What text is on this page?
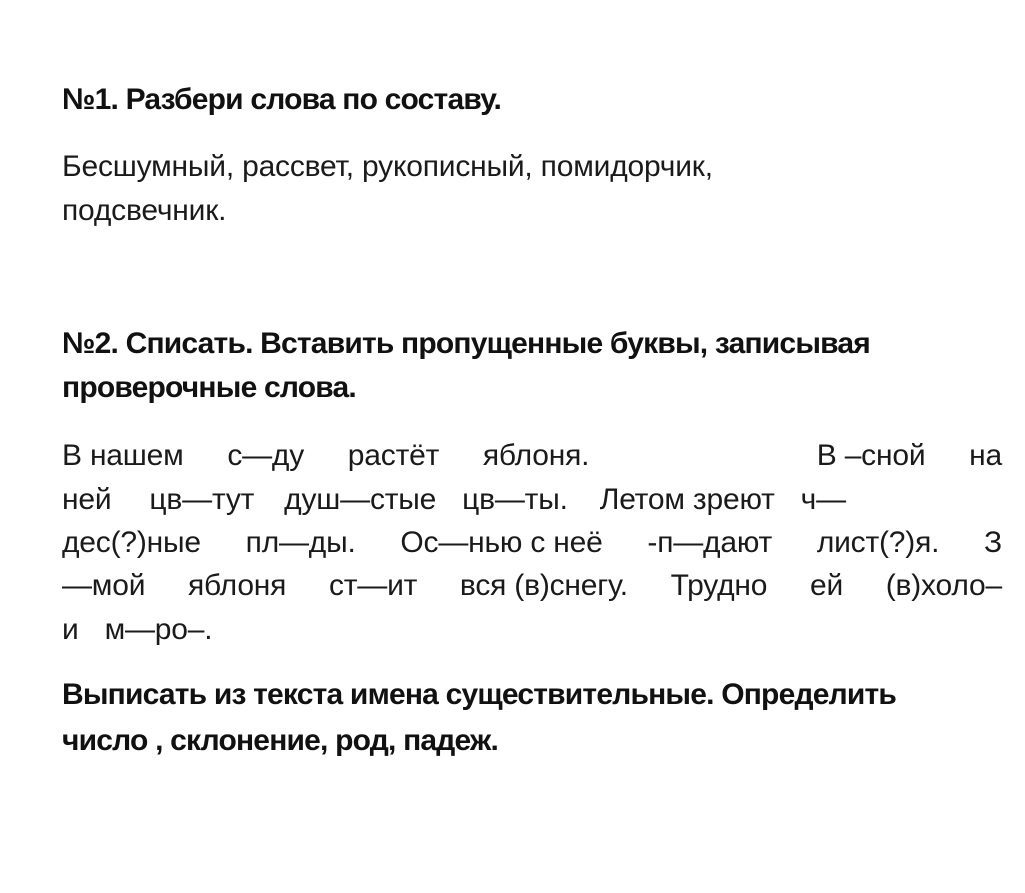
№1. Разбери слова по составу.

Бесшумный, рассвет, рукописный, помидорчик,

подсвечник.

№2. Списать. Вставить пропущенные буквы, записывая
проверочные слова.
В нашем с—ду растёт яблоня.	В –сной на
ней цв—тут душ—стые цв—ты. Летом зреют ч—
дес(?)ные пл—ды. Ос—нью с неё -п—дают лист(?)я. З
—мой яблоня ст—ит вся (в)снегу. Трудно ей (в)холо–
и м—ро–.
Выписать из текста имена существительные. Определить
число , склонение, род, падеж.
